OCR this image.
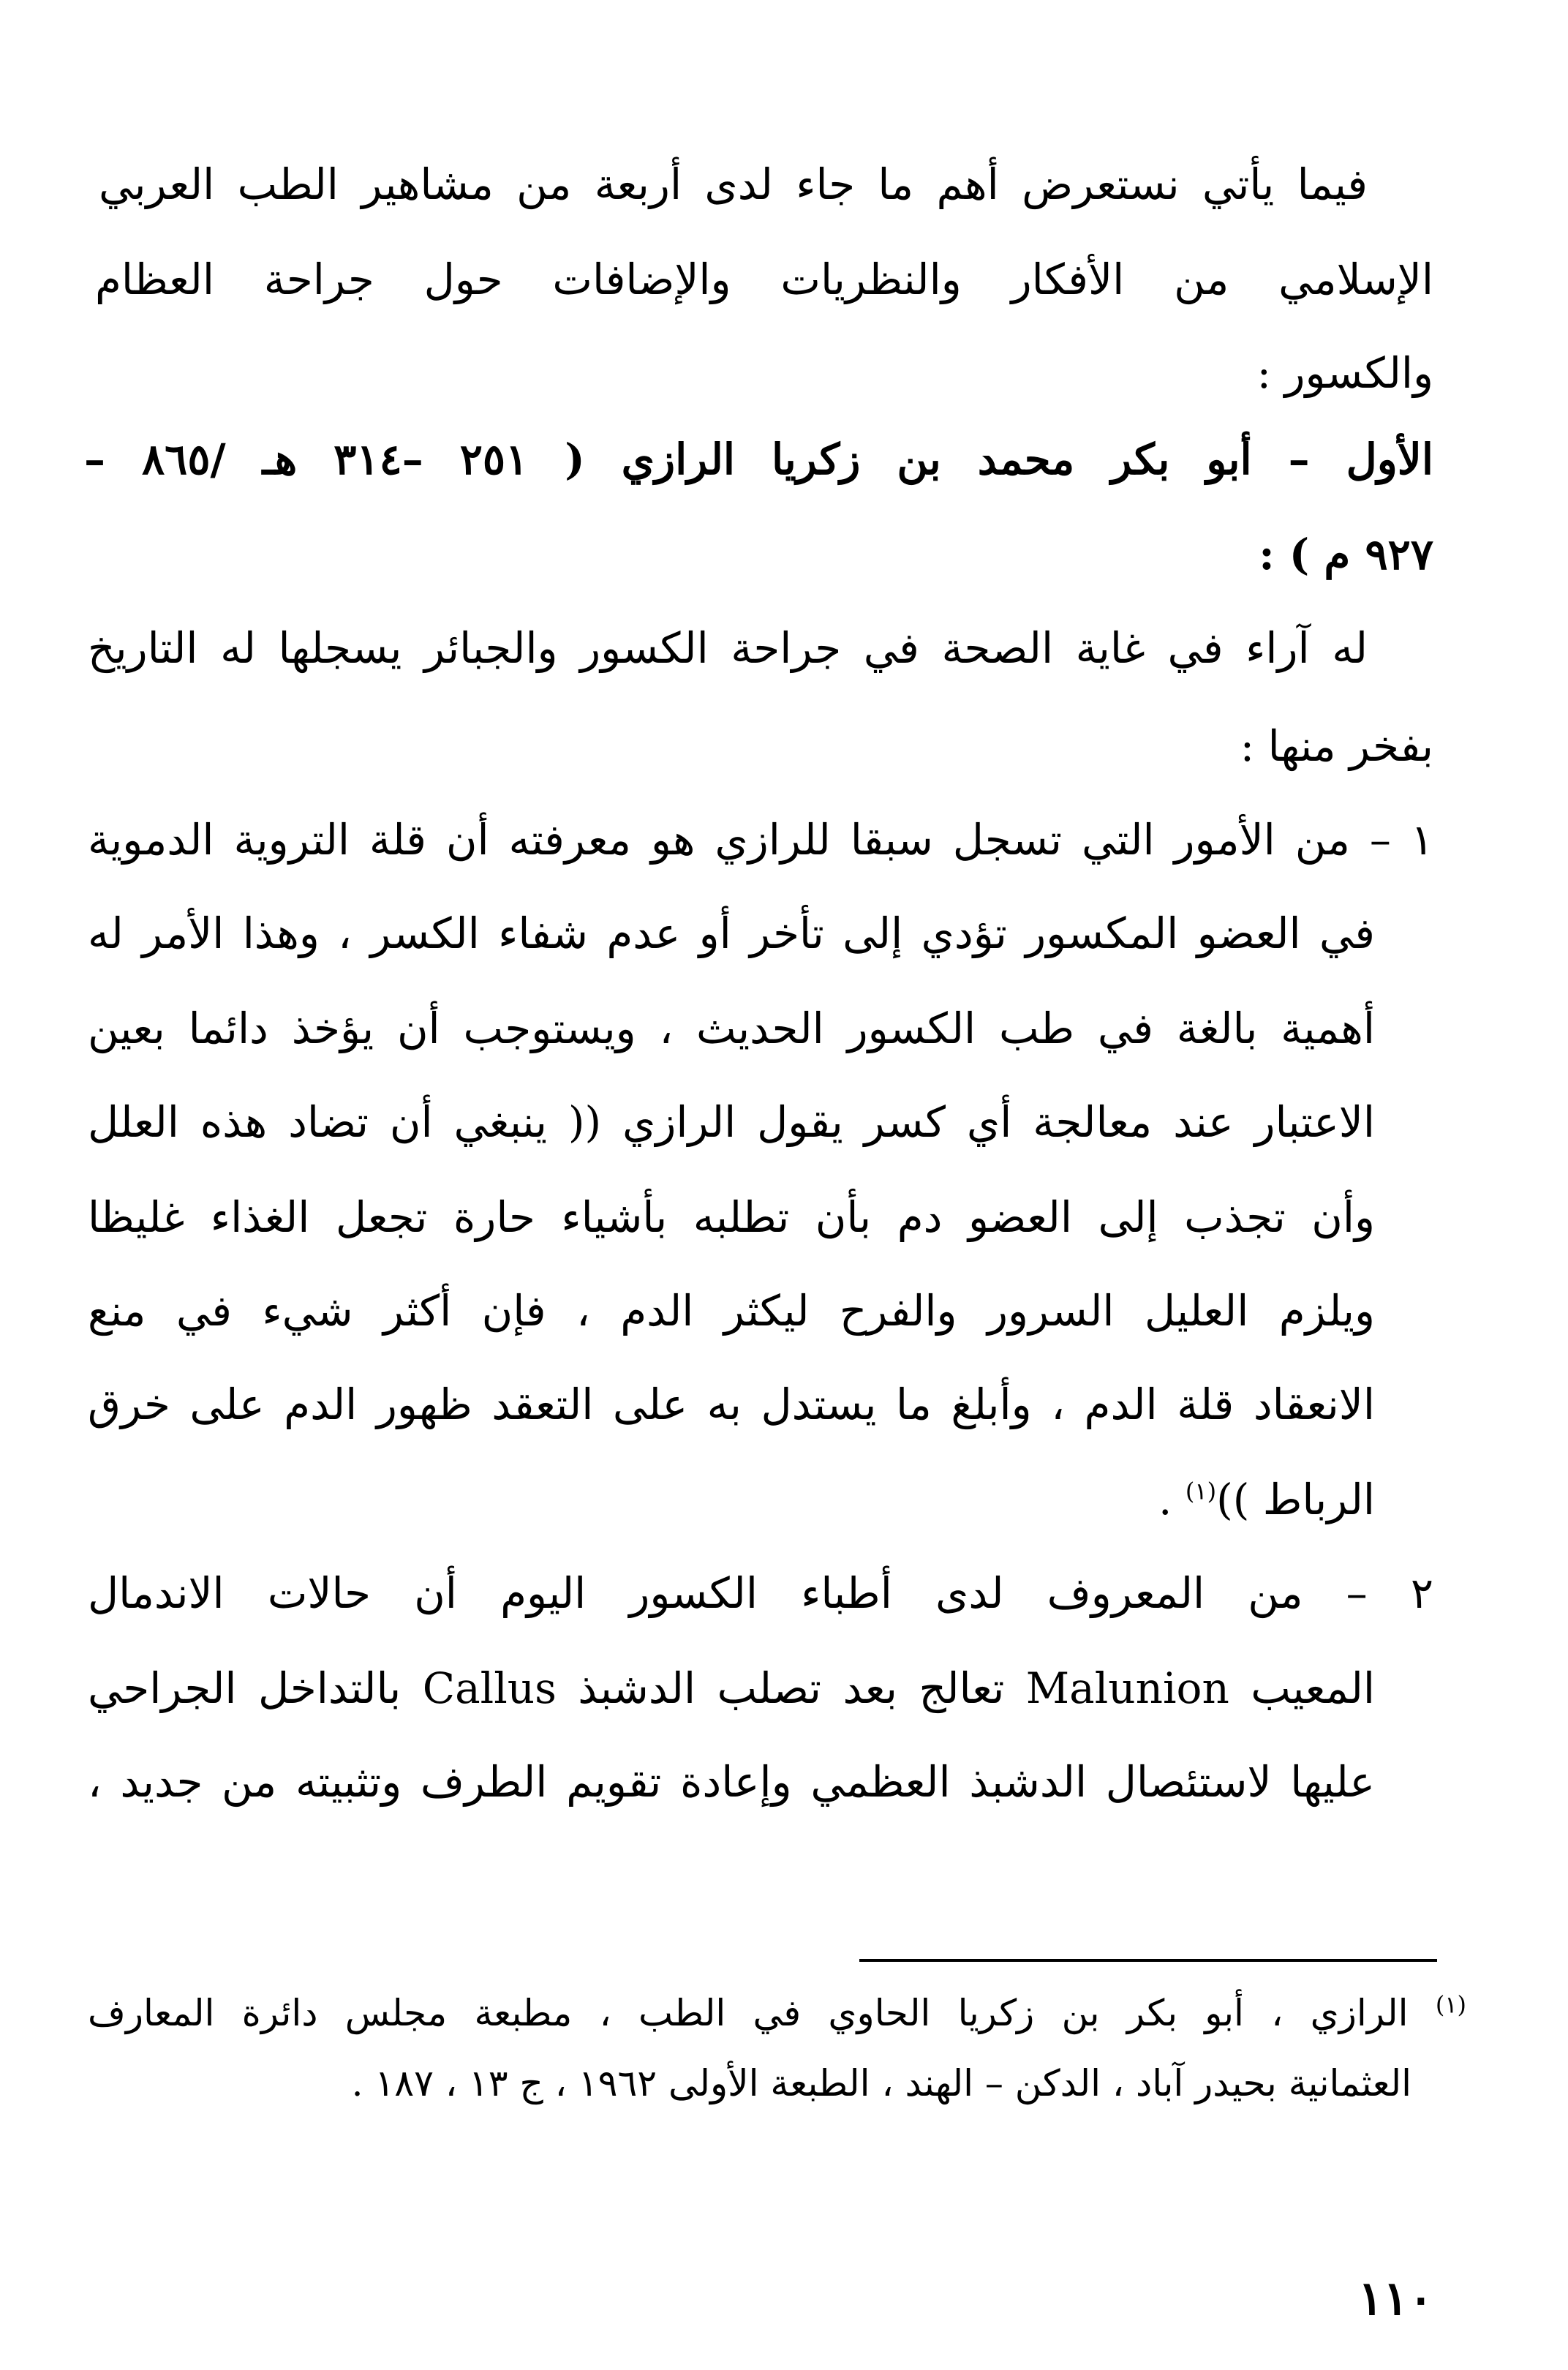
فيما يأتي نستعرض أهم ما جاء لدى أربعة من مشاهير الطب العربي
الإسلامي من الأفكار والنظريات والإضافات حول جراحة العظام
والكسور :
الأول – أبو بكر محمد بن زكريا الرازي ( ٢٥١ –٣١٤ هـ /٨٦٥ –
٩٢٧ م ) :
له آراء في غاية الصحة في جراحة الكسور والجبائر يسجلها له التاريخ
بفخر منها :
١ – من الأمور التي تسجل سبقا للرازي هو معرفته أن قلة التروية الدموية
في العضو المكسور تؤدي إلى تأخر أو عدم شفاء الكسر ، وهذا الأمر له
أهمية بالغة في طب الكسور الحديث ، ويستوجب أن يؤخذ دائما بعين
الاعتبار عند معالجة أي كسر يقول الرازي (( ينبغي أن تضاد هذه العلل
وأن تجذب إلى العضو دم بأن تطلبه بأشياء حارة تجعل الغذاء غليظا
ويلزم العليل السرور والفرح ليكثر الدم ، فإن أكثر شيء في منع
الانعقاد قلة الدم ، وأبلغ ما يستدل به على التعقد ظهور الدم على خرق
الرباط ))$^{(١)}$ .
٢ – من المعروف لدى أطباء الكسور اليوم أن حالات الاندمال
المعيب Malunion تعالج بعد تصلب الدشبذ Callus بالتداخل الجراحي
عليها لاستئصال الدشبذ العظمي وإعادة تقويم الطرف وتثبيته من جديد ،
$^{(١)}$ الرازي ، أبو بكر بن زكريا الحاوي في الطب ، مطبعة مجلس دائرة المعارف
العثمانية بحيدر آباد ، الدكن – الهند ، الطبعة الأولى ١٩٦٢ ، ج ١٣ ، ١٨٧ .
١١٠
